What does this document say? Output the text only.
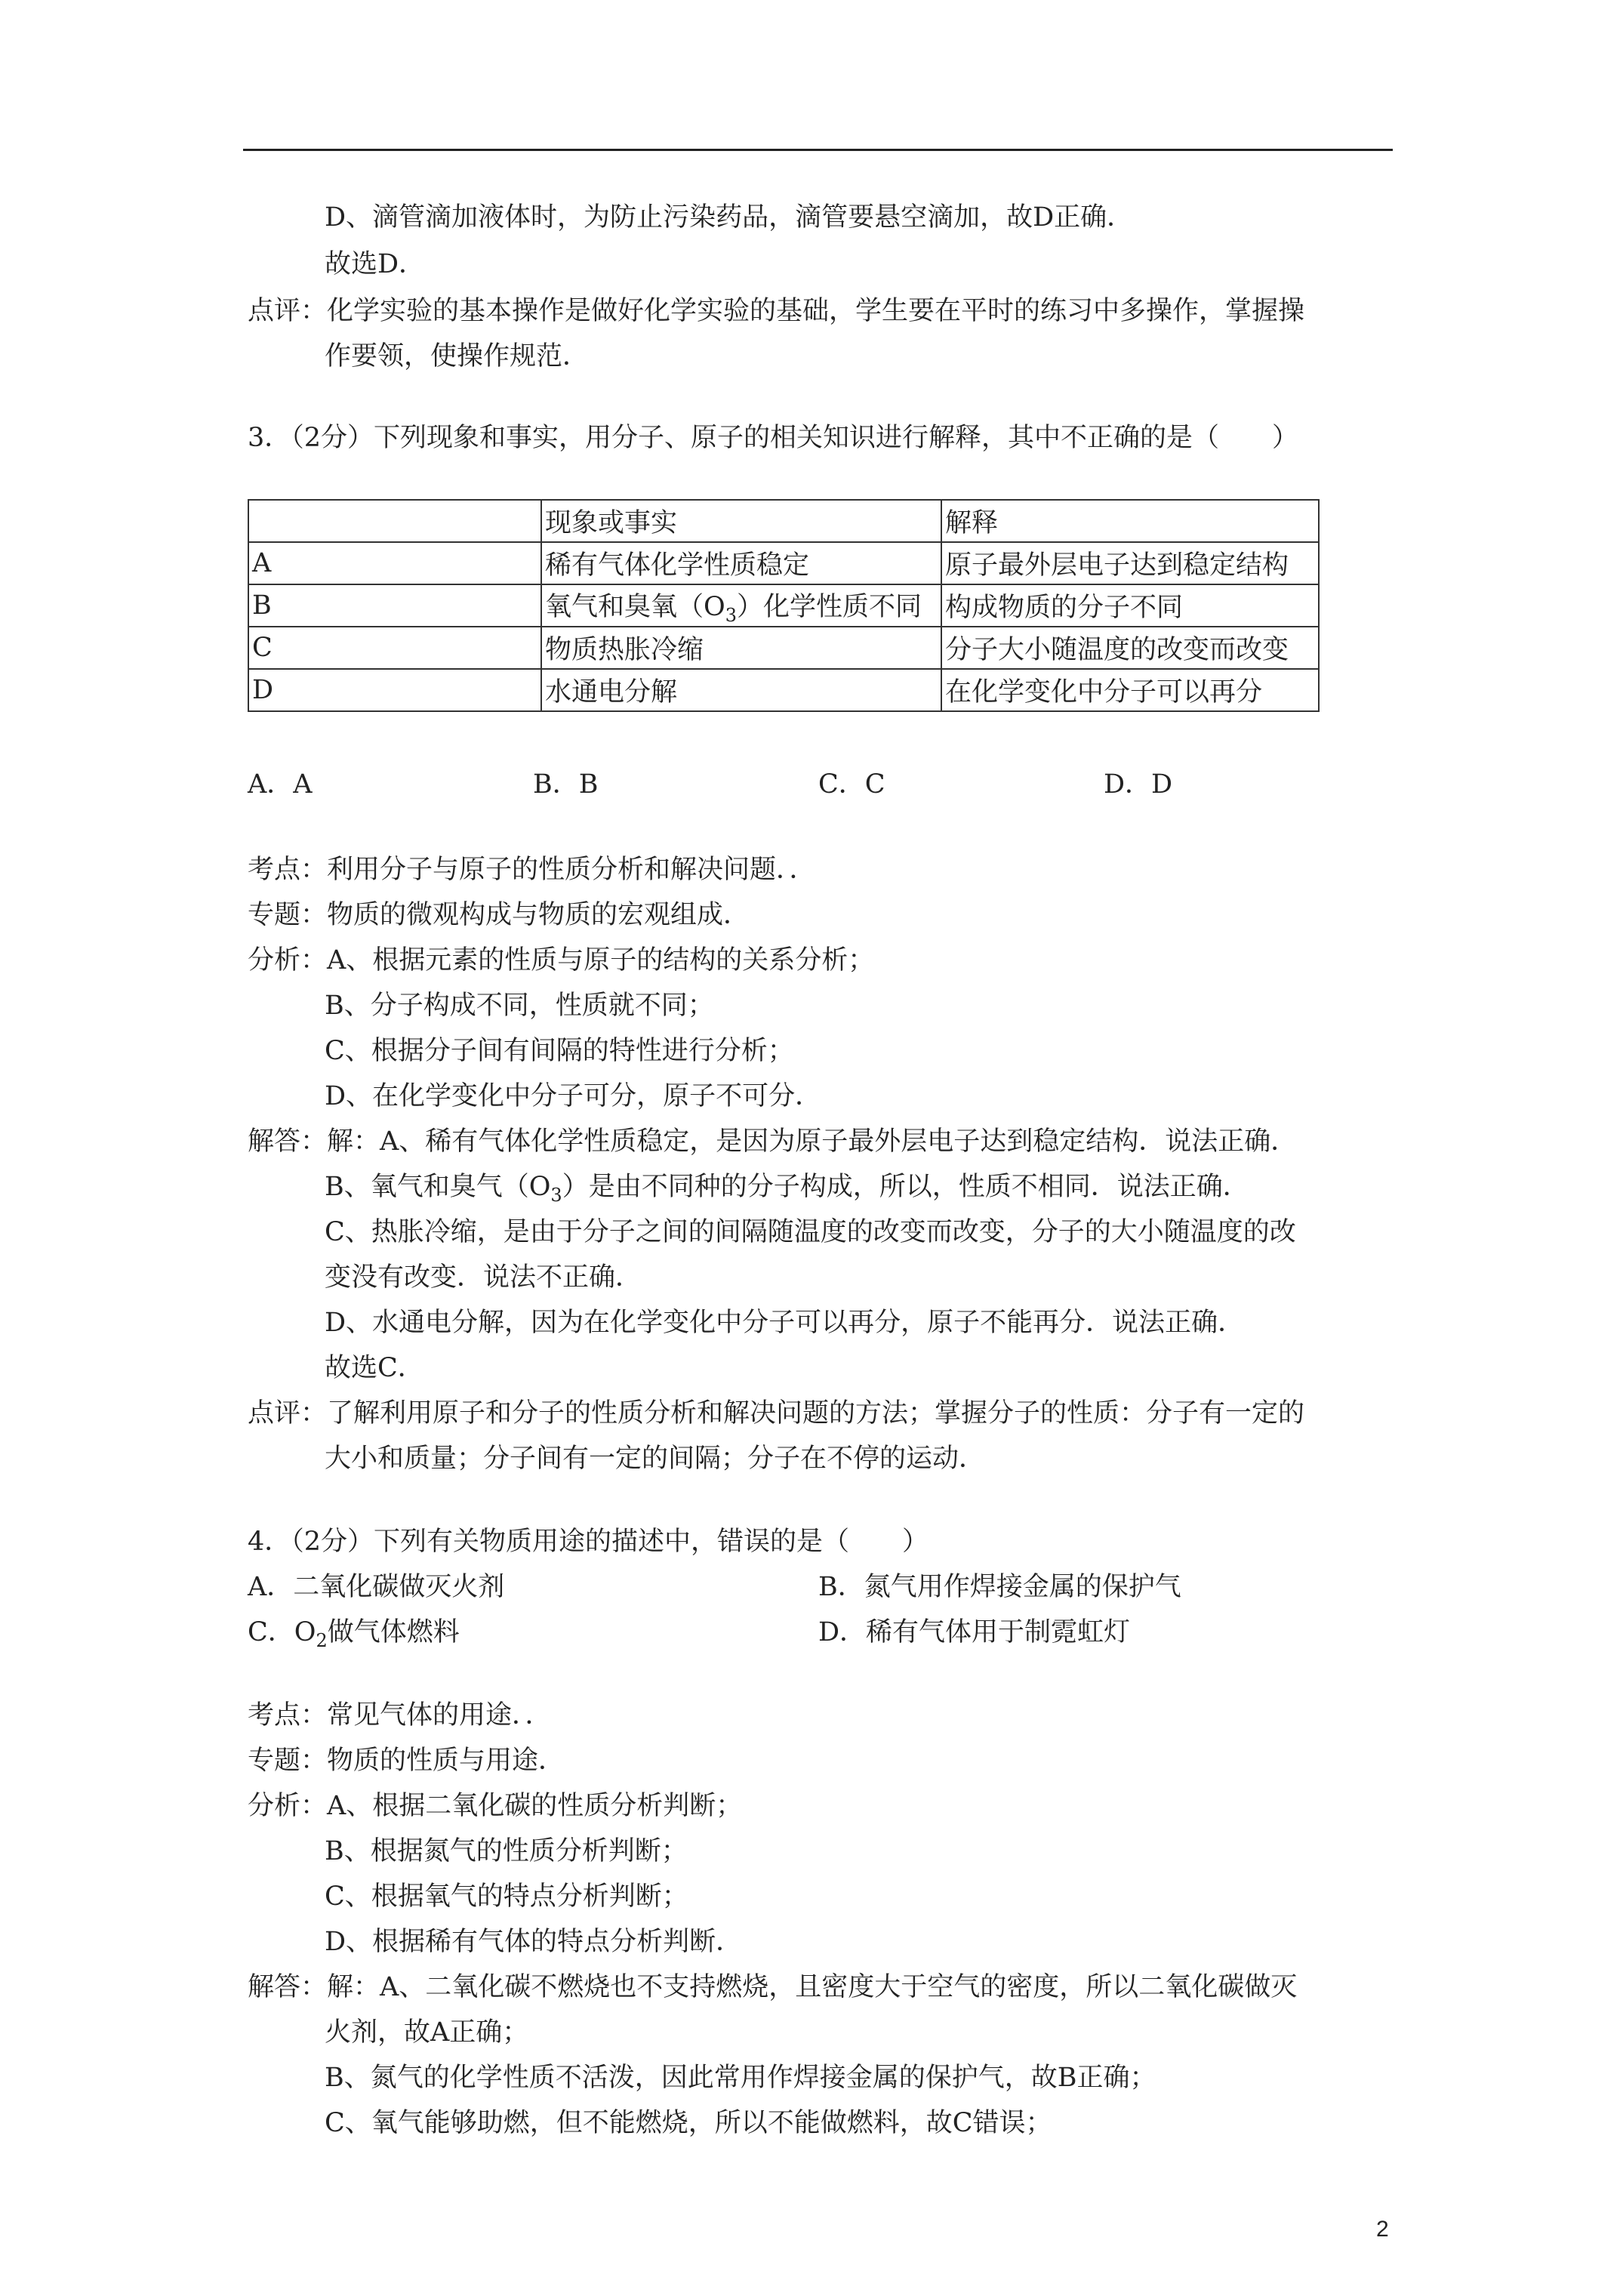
D、滴管滴加液体时，为防止污染药品，滴管要悬空滴加，故D正确．
故选D．
点评：化学实验的基本操作是做好化学实验的基础，学生要在平时的练习中多操作，掌握操
作要领，使操作规范．
3．（2分）下列现象和事实，用分子、原子的相关知识进行解释，其中不正确的是（　　）
	现象或事实	解释
A	稀有气体化学性质稳定	原子最外层电子达到稳定结构
B	氧气和臭氧$(O_3)$化学性质不同	构成物质的分子不同
C	物质热胀冷缩	分子大小随温度的改变而改变
D	水通电分解	在化学变化中分子可以再分
A．A	B．B	C．C	D．D
考点：利用分子与原子的性质分析和解决问题．．
专题：物质的微观构成与物质的宏观组成．
分析：A、根据元素的性质与原子的结构的关系分析；
B、分子构成不同，性质就不同；
C、根据分子间有间隔的特性进行分析；
D、在化学变化中分子可分，原子不可分．
解答：解：A、稀有气体化学性质稳定，是因为原子最外层电子达到稳定结构．说法正确．
B、氧气和臭气$(O_3)$是由不同种的分子构成，所以，性质不相同．说法正确．
C、热胀冷缩，是由于分子之间的间隔随温度的改变而改变，分子的大小随温度的改
变没有改变．说法不正确．
D、水通电分解，因为在化学变化中分子可以再分，原子不能再分．说法正确．
故选C．
点评：了解利用原子和分子的性质分析和解决问题的方法；掌握分子的性质：分子有一定的
大小和质量；分子间有一定的间隔；分子在不停的运动．
4．（2分）下列有关物质用途的描述中，错误的是（　　）
A．二氧化碳做灭火剂	B．氮气用作焊接金属的保护气
C．$O_2$做气体燃料	D．稀有气体用于制霓虹灯
考点：常见气体的用途．．
专题：物质的性质与用途．
分析：A、根据二氧化碳的性质分析判断；
B、根据氮气的性质分析判断；
C、根据氧气的特点分析判断；
D、根据稀有气体的特点分析判断．
解答：解：A、二氧化碳不燃烧也不支持燃烧，且密度大于空气的密度，所以二氧化碳做灭
火剂，故A正确；
B、氮气的化学性质不活泼，因此常用作焊接金属的保护气，故B正确；
C、氧气能够助燃，但不能燃烧，所以不能做燃料，故C错误；
2
